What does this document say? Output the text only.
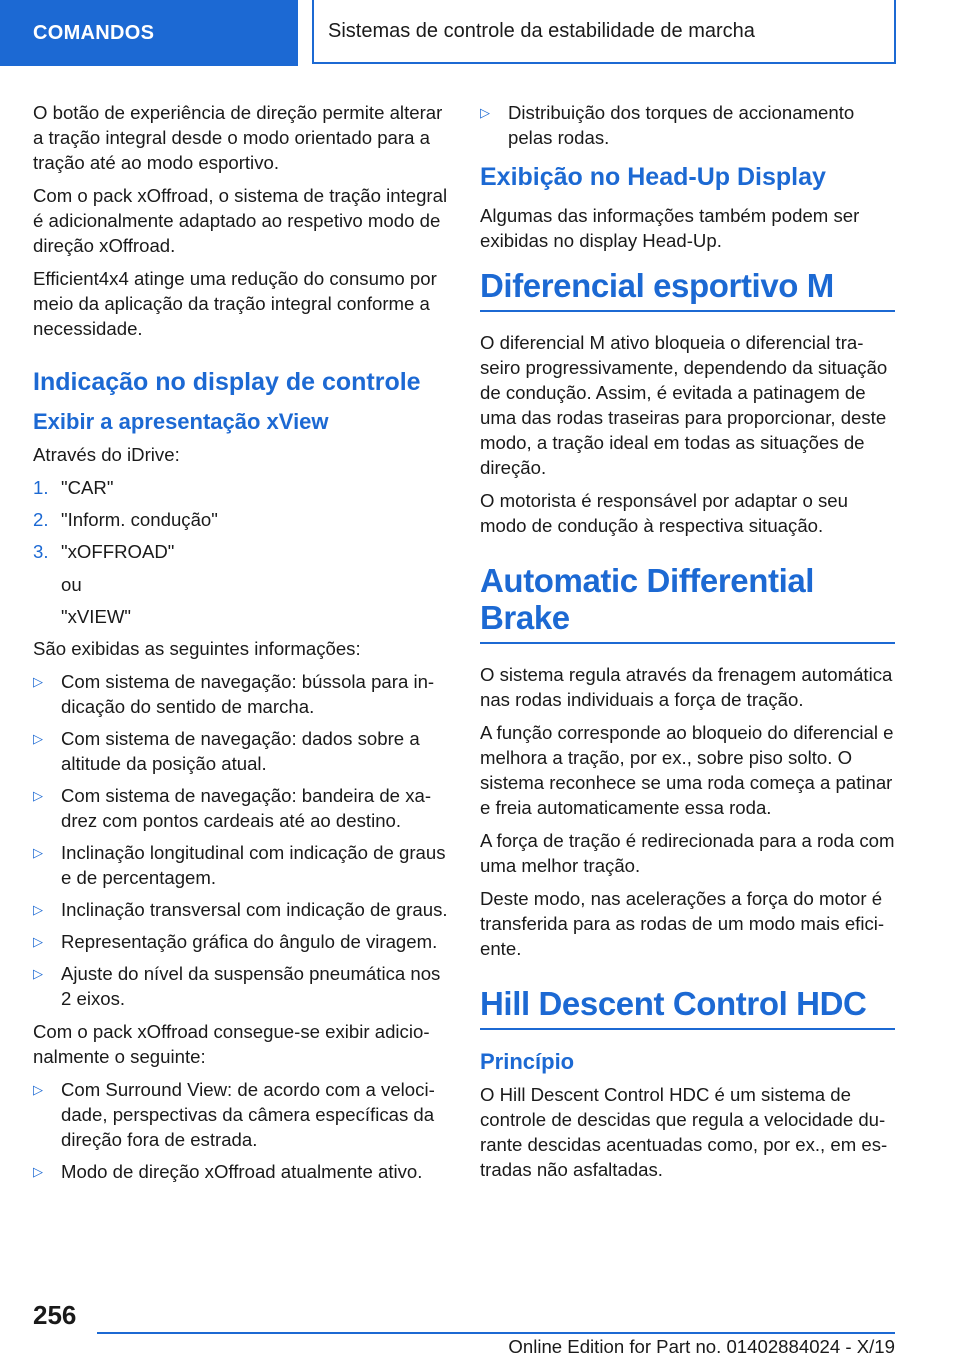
COMANDOS	Sistemas de controle da estabilidade de marcha

O botão de experiência de direção permite alterar a tração integral desde o modo orientado para a tração até ao modo esportivo.

Com o pack xOffroad, o sistema de tração integral é adicionalmente adaptado ao respetivo modo de direção xOffroad.

Efficient4x4 atinge uma redução do consumo por meio da aplicação da tração integral conforme a necessidade.

Indicação no display de controle
Exibir a apresentação xView

Através do iDrive:

1. "CAR"
2. "Inform. condução"
3. "xOFFROAD"
ou
"xVIEW"

São exibidas as seguintes informações:

▷ Com sistema de navegação: bússola para indicação do sentido de marcha.
▷ Com sistema de navegação: dados sobre a altitude da posição atual.
▷ Com sistema de navegação: bandeira de xadrez com pontos cardeais até ao destino.
▷ Inclinação longitudinal com indicação de graus e de percentagem.
▷ Inclinação transversal com indicação de graus.
▷ Representação gráfica do ângulo de viragem.
▷ Ajuste do nível da suspensão pneumática nos 2 eixos.

Com o pack xOffroad consegue-se exibir adicionalmente o seguinte:

▷ Com Surround View: de acordo com a velocidade, perspectivas da câmera específicas da direção fora de estrada.
▷ Modo de direção xOffroad atualmente ativo.
▷ Distribuição dos torques de accionamento pelas rodas.
Exibição no Head-Up Display

Algumas das informações também podem ser exibidas no display Head-Up.

Diferencial esportivo M

O diferencial M ativo bloqueia o diferencial traseiro progressivamente, dependendo da situação de condução. Assim, é evitada a patinagem de uma das rodas traseiras para proporcionar, deste modo, a tração ideal em todas as situações de direção.

O motorista é responsável por adaptar o seu modo de condução à respectiva situação.

Automatic Differential Brake

O sistema regula através da frenagem automática nas rodas individuais a força de tração.

A função corresponde ao bloqueio do diferencial e melhora a tração, por ex., sobre piso solto. O sistema reconhece se uma roda começa a patinar e freia automaticamente essa roda.

A força de tração é redirecionada para a roda com uma melhor tração.

Deste modo, nas acelerações a força do motor é transferida para as rodas de um modo mais eficiente.

Hill Descent Control HDC
Princípio

O Hill Descent Control HDC é um sistema de controle de descidas que regula a velocidade durante descidas acentuadas como, por ex., em estradas não asfaltadas.

256
Online Edition for Part no. 01402884024 - X/19
